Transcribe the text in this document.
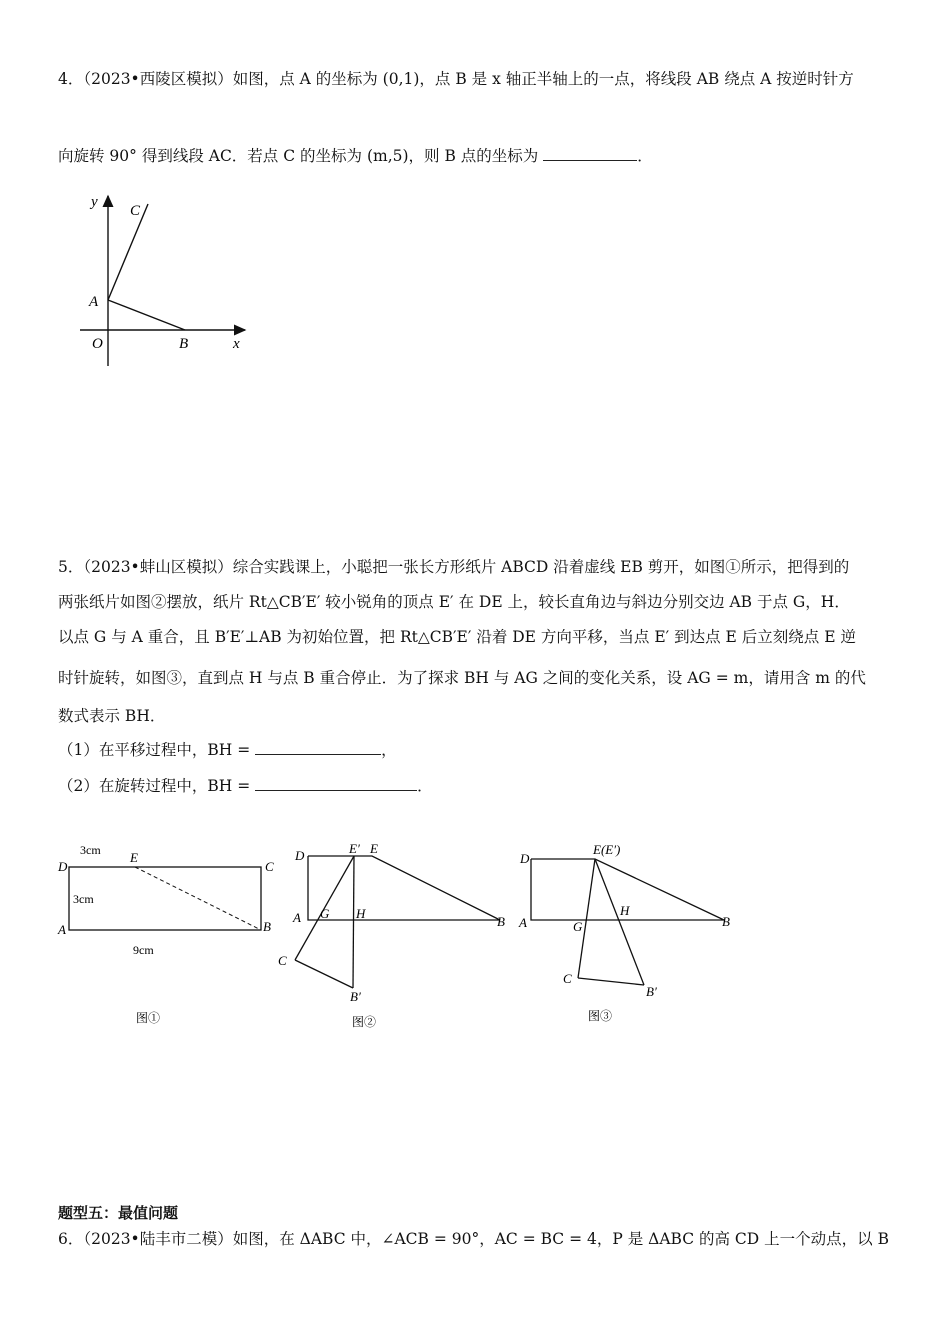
4．（2023•西陵区模拟）如图，点 A 的坐标为 (0,1)，点 B 是 x 轴正半轴上的一点，将线段 AB 绕点 A 按逆时针方
向旋转 90° 得到线段 AC．若点 C 的坐标为 (m,5)，则 B 点的坐标为	．
y
C
A
O	B	x
5．（2023•蚌山区模拟）综合实践课上，小聪把一张长方形纸片 ABCD 沿着虚线 EB 剪开，如图①所示，把得到的
两张纸片如图②摆放，纸片 Rt△CB′E′ 较小锐角的顶点 E′ 在 DE 上，较长直角边与斜边分别交边 AB 于点 G，H．
以点 G 与 A 重合，且 B′E′⊥AB 为初始位置，把 Rt△CB′E′ 沿着 DE 方向平移，当点 E′ 到达点 E 后立刻绕点 E 逆
时针旋转，如图③，直到点 H 与点 B 重合停止．为了探求 BH 与 AG 之间的变化关系，设 AG = m，请用含 m 的代
数式表示 BH．
（1）在平移过程中，BH =	，
（2）在旋转过程中，BH =	．
3cm
3cm
9cm
D
E
C
A	B
图①
D	E′ E
A G H
B
C
B′
图②
E(E′)
D
A	G
H
B
C
B′
图③
题型五：最值问题
6．（2023•陆丰市二模）如图，在 ΔABC 中，∠ACB = 90°，AC = BC = 4，P 是 ΔABC 的高 CD 上一个动点，以 B
